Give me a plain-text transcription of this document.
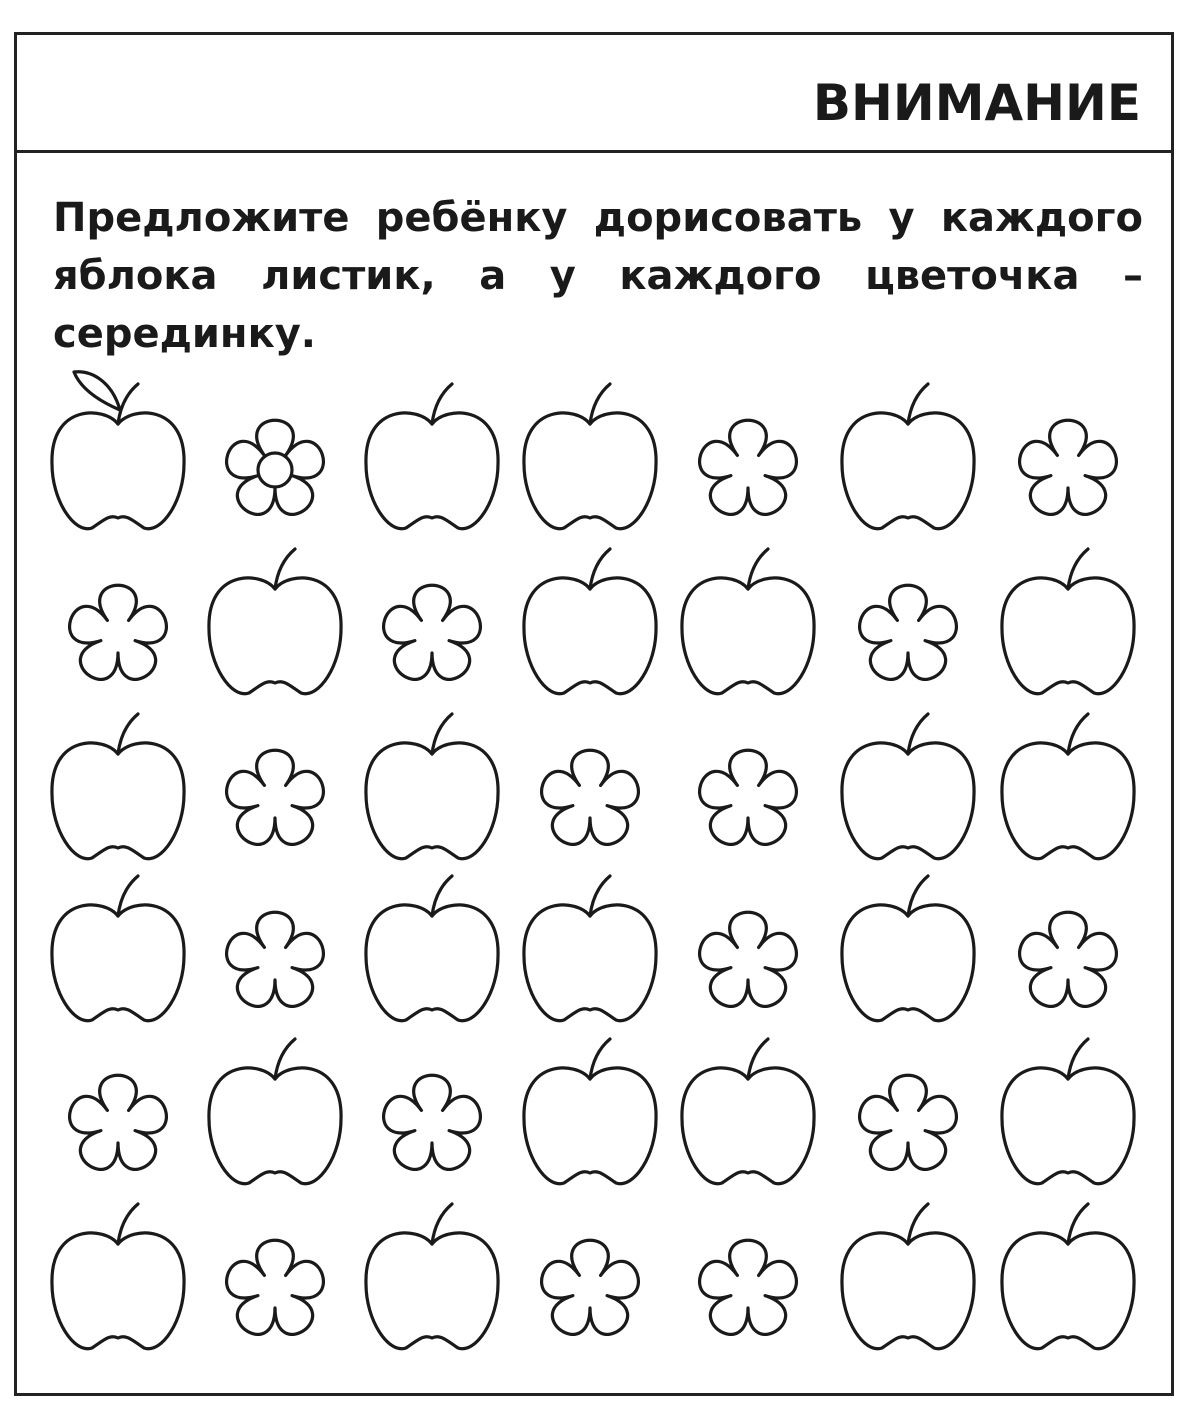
ВНИМАНИЕ
Предложите ребёнку дорисовать у каждого яблока листик, а у каждого цветочка – серединку.
